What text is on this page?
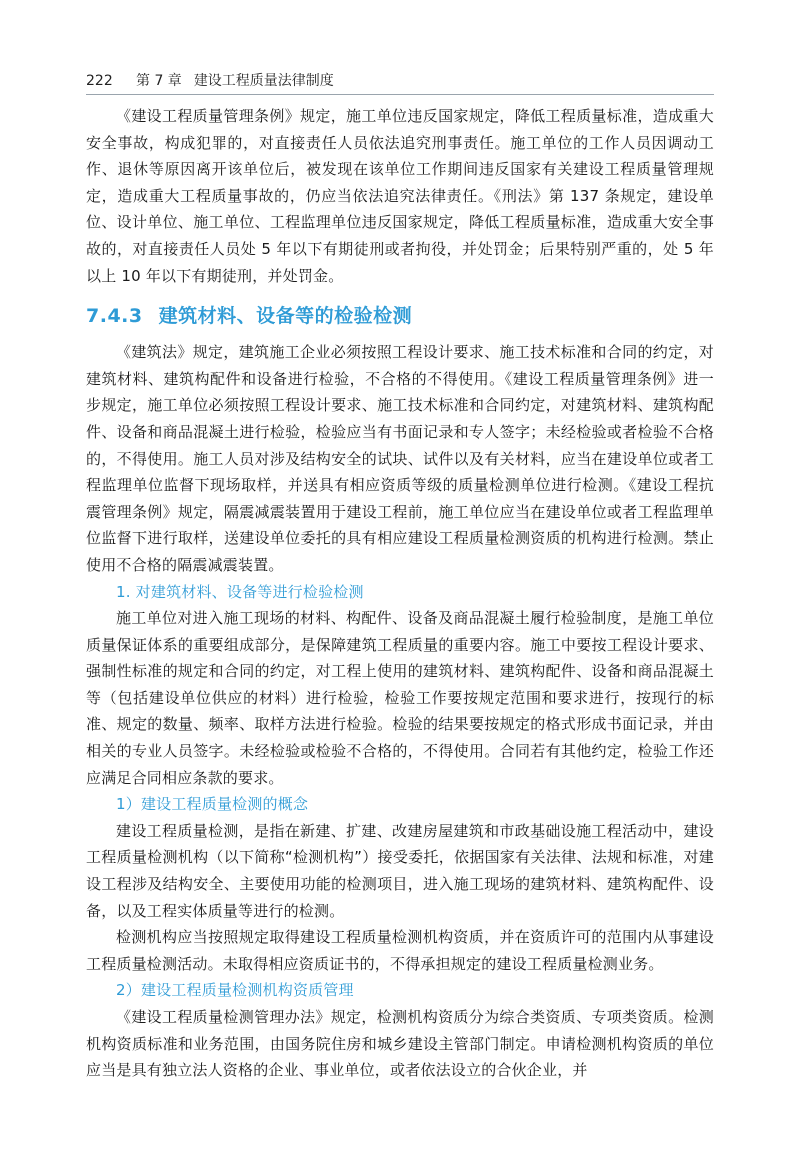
222 第 7 章 建设工程质量法律制度

《建设工程质量管理条例》规定，施工单位违反国家规定，降低工程质量标准，造成重大安全事故，构成犯罪的，对直接责任人员依法追究刑事责任。施工单位的工作人员因调动工作、退休等原因离开该单位后，被发现在该单位工作期间违反国家有关建设工程质量管理规定，造成重大工程质量事故的，仍应当依法追究法律责任。《刑法》第 137 条规定，建设单位、设计单位、施工单位、工程监理单位违反国家规定，降低工程质量标准，造成重大安全事故的，对直接责任人员处 5 年以下有期徒刑或者拘役，并处罚金；后果特别严重的，处 5 年以上 10 年以下有期徒刑，并处罚金。

7.4.3 建筑材料、设备等的检验检测

《建筑法》规定，建筑施工企业必须按照工程设计要求、施工技术标准和合同的约定，对建筑材料、建筑构配件和设备进行检验，不合格的不得使用。《建设工程质量管理条例》进一步规定，施工单位必须按照工程设计要求、施工技术标准和合同约定，对建筑材料、建筑构配件、设备和商品混凝土进行检验，检验应当有书面记录和专人签字；未经检验或者检验不合格的，不得使用。施工人员对涉及结构安全的试块、试件以及有关材料，应当在建设单位或者工程监理单位监督下现场取样，并送具有相应资质等级的质量检测单位进行检测。《建设工程抗震管理条例》规定，隔震减震装置用于建设工程前，施工单位应当在建设单位或者工程监理单位监督下进行取样，送建设单位委托的具有相应建设工程质量检测资质的机构进行检测。禁止使用不合格的隔震减震装置。

1. 对建筑材料、设备等进行检验检测

施工单位对进入施工现场的材料、构配件、设备及商品混凝土履行检验制度，是施工单位质量保证体系的重要组成部分，是保障建筑工程质量的重要内容。施工中要按工程设计要求、强制性标准的规定和合同的约定，对工程上使用的建筑材料、建筑构配件、设备和商品混凝土等（包括建设单位供应的材料）进行检验，检验工作要按规定范围和要求进行，按现行的标准、规定的数量、频率、取样方法进行检验。检验的结果要按规定的格式形成书面记录，并由相关的专业人员签字。未经检验或检验不合格的，不得使用。合同若有其他约定，检验工作还应满足合同相应条款的要求。

1）建设工程质量检测的概念

建设工程质量检测，是指在新建、扩建、改建房屋建筑和市政基础设施工程活动中，建设工程质量检测机构（以下简称“检测机构”）接受委托，依据国家有关法律、法规和标准，对建设工程涉及结构安全、主要使用功能的检测项目，进入施工现场的建筑材料、建筑构配件、设备，以及工程实体质量等进行的检测。

检测机构应当按照规定取得建设工程质量检测机构资质，并在资质许可的范围内从事建设工程质量检测活动。未取得相应资质证书的，不得承担规定的建设工程质量检测业务。

2）建设工程质量检测机构资质管理

《建设工程质量检测管理办法》规定，检测机构资质分为综合类资质、专项类资质。检测机构资质标准和业务范围，由国务院住房和城乡建设主管部门制定。申请检测机构资质的单位应当是具有独立法人资格的企业、事业单位，或者依法设立的合伙企业，并
